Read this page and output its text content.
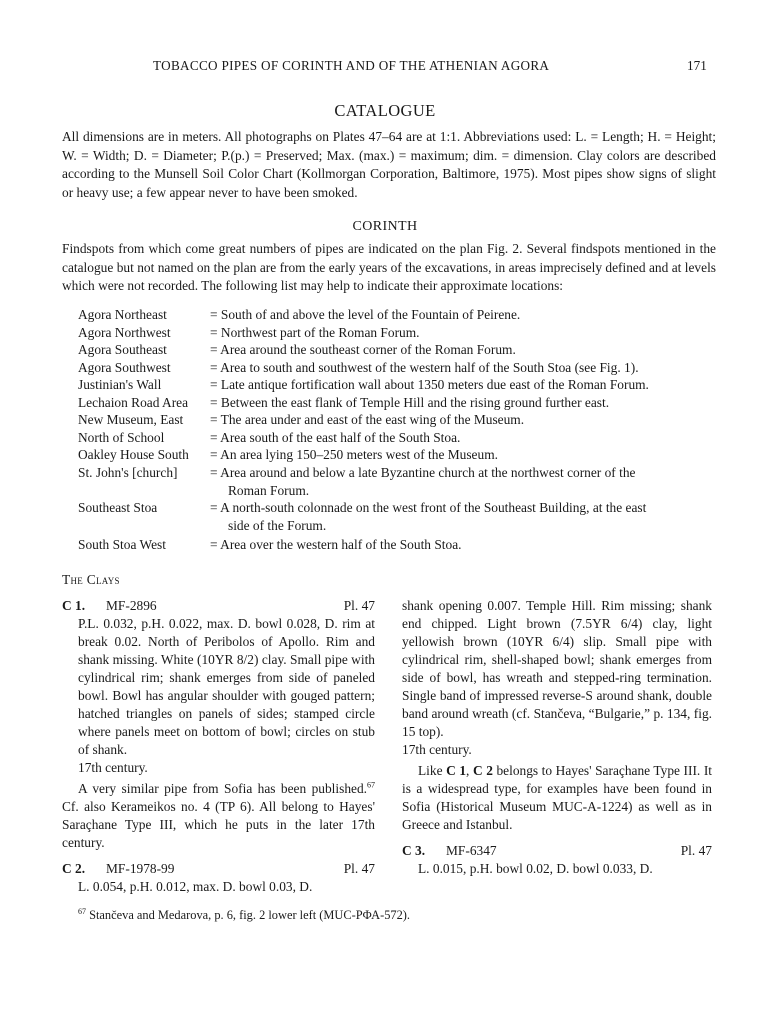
TOBACCO PIPES OF CORINTH AND OF THE ATHENIAN AGORA	171
CATALOGUE

All dimensions are in meters. All photographs on Plates 47–64 are at 1:1. Abbreviations used: L. = Length; H. = Height; W. = Width; D. = Diameter; P.(p.) = Preserved; Max. (max.) = maximum; dim. = dimension. Clay colors are described according to the Munsell Soil Color Chart (Kollmorgan Corporation, Baltimore, 1975). Most pipes show signs of slight or heavy use; a few appear never to have been smoked.

CORINTH

Findspots from which come great numbers of pipes are indicated on the plan Fig. 2. Several findspots mentioned in the catalogue but not named on the plan are from the early years of the excavations, in areas imprecisely defined and at levels which were not recorded. The following list may help to indicate their approximate locations:

Agora Northeast	= South of and above the level of the Fountain of Peirene.
Agora Northwest	= Northwest part of the Roman Forum.
Agora Southeast	= Area around the southeast corner of the Roman Forum.
Agora Southwest	= Area to south and southwest of the western half of the South Stoa (see Fig. 1).
Justinian's Wall	= Late antique fortification wall about 1350 meters due east of the Roman Forum.
Lechaion Road Area = Between the east flank of Temple Hill and the rising ground further east.
New Museum, East = The area under and east of the east wing of the Museum.
North of School	= Area south of the east half of the South Stoa.
Oakley House South = An area lying 150–250 meters west of the Museum.
St. John's [church] = Area around and below a late Byzantine church at the northwest corner of the
Roman Forum.
Southeast Stoa	= A north-south colonnade on the west front of the Southeast Building, at the east
side of the Forum.
South Stoa West	= Area over the western half of the South Stoa.
The Clays
C 1. MF-2896	Pl. 47

P.L. 0.032, p.H. 0.022, max. D. bowl 0.028, D. rim at break 0.02. North of Peribolos of Apollo. Rim and shank missing. White (10YR 8/2) clay. Small pipe with cylindrical rim; shank emerges from side of paneled bowl. Bowl has angular shoulder with gouged pattern; hatched triangles on panels of sides; stamped circle where panels meet on bottom of bowl; circles on stub of shank.

17th century.

A very similar pipe from Sofia has been published.$^{67}$ Cf. also Kerameikos no. 4 (TP 6). All belong to Hayes' Saraçhane Type III, which he puts in the later 17th century.

C 2. MF-1978-99	Pl. 47

L. 0.054, p.H. 0.012, max. D. bowl 0.03, D.

shank opening 0.007. Temple Hill. Rim missing; shank end chipped. Light brown (7.5YR 6/4) clay, light yellowish brown (10YR 6/4) slip. Small pipe with cylindrical rim, shell-shaped bowl; shank emerges from side of bowl, has wreath and stepped-ring termination. Single band of impressed reverse-S around shank, double band around wreath (cf. Stančeva, “Bulgarie,” p. 134, fig. 15 top).

17th century.

Like C 1, C 2 belongs to Hayes' Saraçhane Type III. It is a widespread type, for examples have been found in Sofia (Historical Museum MUC-A-1224) as well as in Greece and Istanbul.

C 3. MF-6347	Pl. 47

L. 0.015, p.H. bowl 0.02, D. bowl 0.033, D.

$^{67}$ Stančeva and Medarova, p. 6, fig. 2 lower left (MUC-ΡΦΑ-572).
